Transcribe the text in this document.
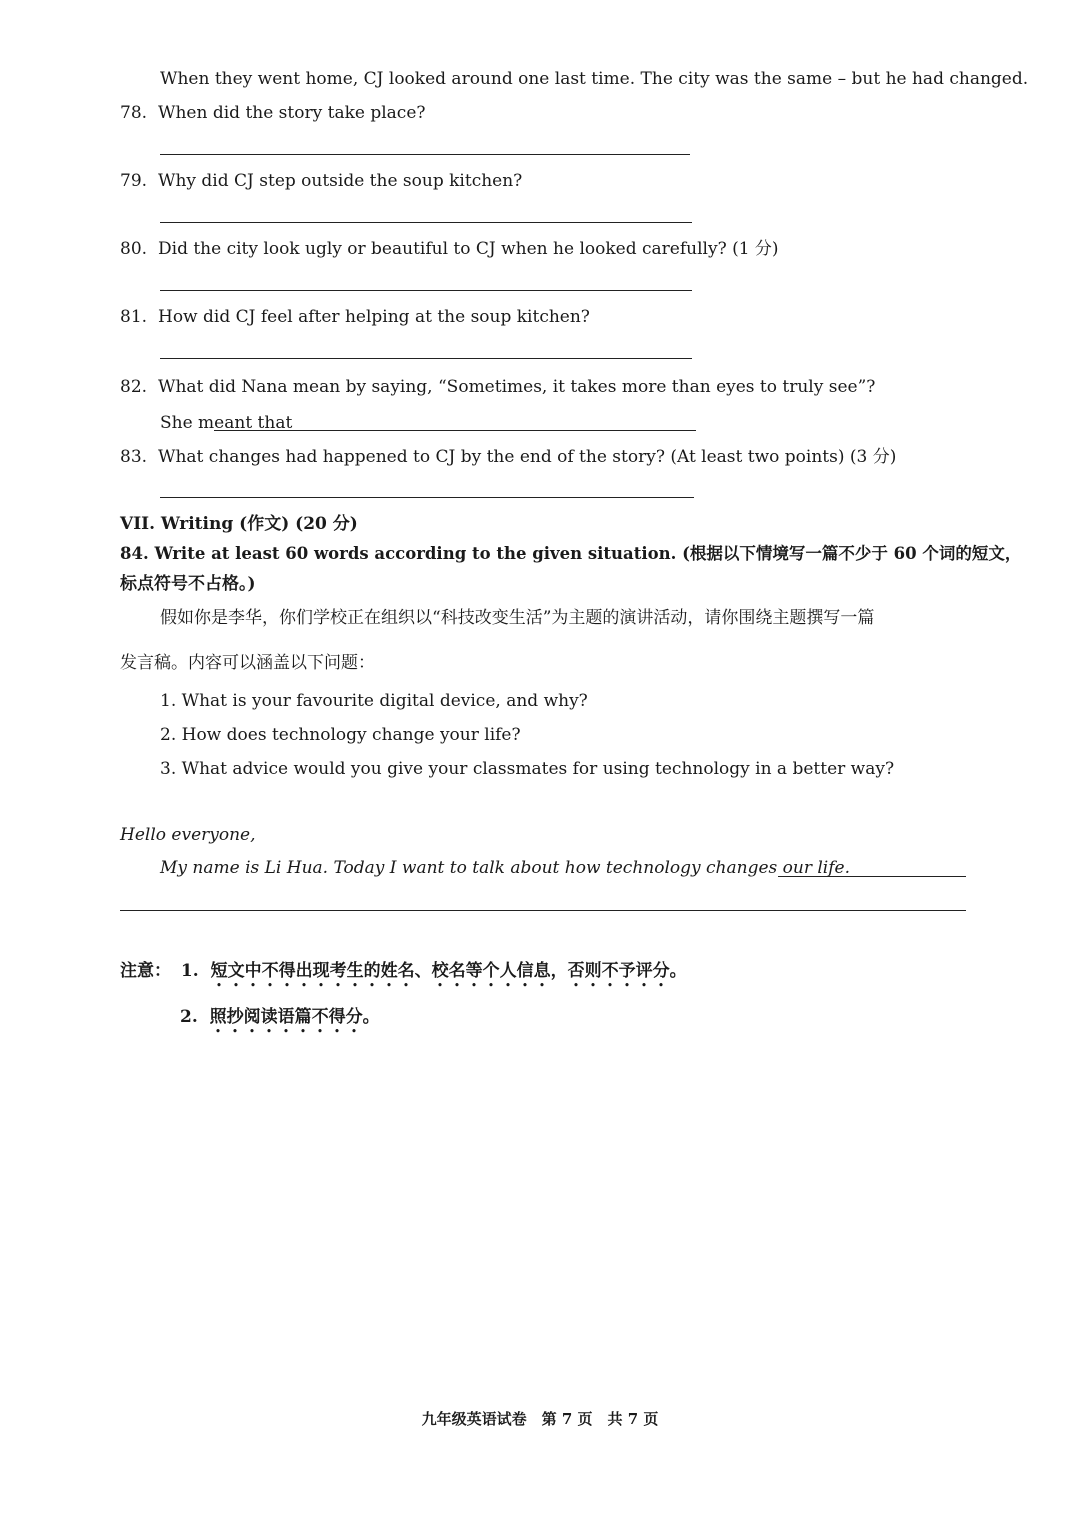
When they went home, CJ looked around one last time. The city was the same – but he had changed.
78. When did the story take place?
79. Why did CJ step outside the soup kitchen?
80. Did the city look ugly or beautiful to CJ when he looked carefully? (1 分)
81. How did CJ feel after helping at the soup kitchen?
82. What did Nana mean by saying, “Sometimes, it takes more than eyes to truly see”?
She meant that
83. What changes had happened to CJ by the end of the story? (At least two points) (3 分)
VII. Writing (作文) (20 分)
84. Write at least 60 words according to the given situation. (根据以下情境写一篇不少于 60 个词的短文，
标点符号不占格。)
假如你是李华，你们学校正在组织以“科技改变生活”为主题的演讲活动，请你围绕主题撰写一篇
发言稿。内容可以涵盖以下问题：
1. What is your favourite digital device, and why?
2. How does technology change your life?
3. What advice would you give your classmates for using technology in a better way?
Hello everyone,
My name is Li Hua. Today I want to talk about how technology changes our life.
注意： 1. 短文中不得出现考生的姓名、校名等个人信息，否则不予评分。
2. 照抄阅读语篇不得分。
九年级英语试卷　第 7 页　共 7 页
